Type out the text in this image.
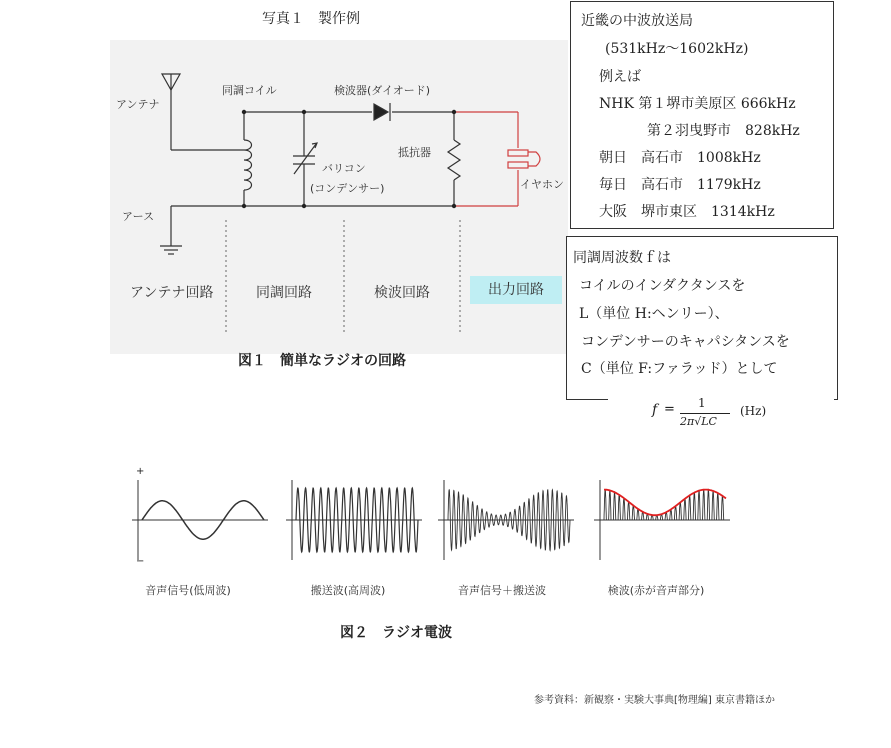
写真１　製作例
アンテナ
アース
同調コイル	検波器(ダイオード)
バリコン
(コンデンサー)
抵抗器
イヤホン
アンテナ回路	同調回路	検波回路	出力回路
図１　簡単なラジオの回路
近畿の中波放送局
(531kHz～1602kHz)
例えば
NHK 第１堺市美原区 666kHz
第２羽曳野市　828kHz
朝日　高石市　1008kHz
毎日　高石市　1179kHz
大阪　堺市東区　1314kHz
同調周波数ｆは
コイルのインダクタンスを
L（単位 H:ヘンリー）、
コンデンサーのキャパシタンスを
C（単位 F:ファラッド）として
f = 1
2π√LC
(Hz)
音声信号(低周波)	搬送波(高周波)	音声信号＋搬送波	検波(赤が音声部分)
+
−
図２　ラジオ電波
参考資料：新観察・実験大事典[物理編] 東京書籍ほか
